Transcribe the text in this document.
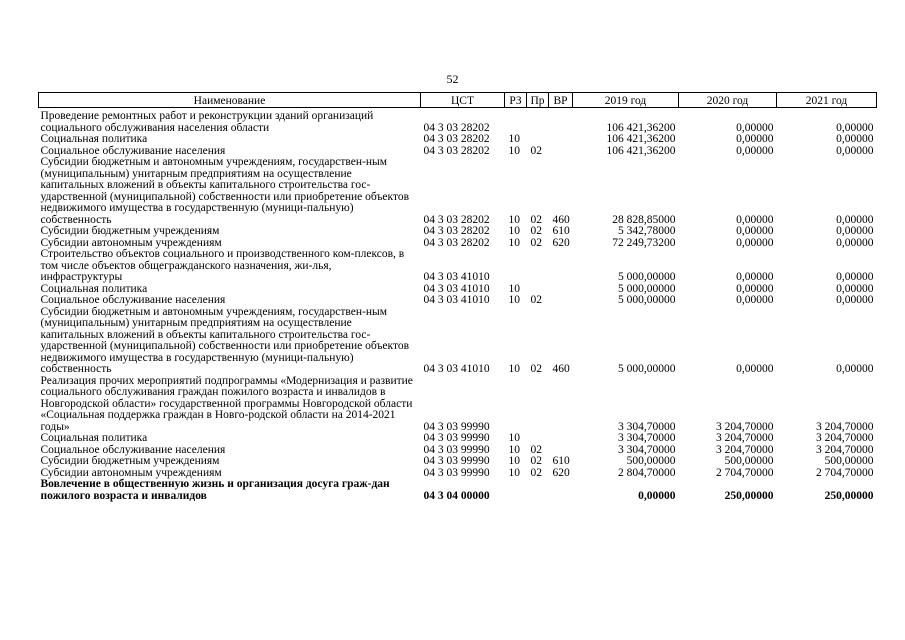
52
Наименование	ЦСТ	РЗ	Пр	ВР	2019 год	2020 год	2021 год
Проведение ремонтных работ и реконструкции зданий организаций социального обслуживания населения области	04 3 03 28202				106 421,36200	0,00000	0,00000
Социальная политика	04 3 03 28202	10			106 421,36200	0,00000	0,00000
Социальное обслуживание населения	04 3 03 28202	10	02		106 421,36200	0,00000	0,00000
Субсидии бюджетным и автономным учреждениям, государствен-ным (муниципальным) унитарным предприятиям на осуществление капитальных вложений в объекты капитального строительства гос-ударственной (муниципальной) собственности или приобретение объектов недвижимого имущества в государственную (муници-пальную) собственность	04 3 03 28202	10	02	460	28 828,85000	0,00000	0,00000
Субсидии бюджетным учреждениям	04 3 03 28202	10	02	610	5 342,78000	0,00000	0,00000
Субсидии автономным учреждениям	04 3 03 28202	10	02	620	72 249,73200	0,00000	0,00000
Строительство объектов социального и производственного ком-плексов, в том числе объектов общегражданского назначения, жи-лья, инфраструктуры	04 3 03 41010				5 000,00000	0,00000	0,00000
Социальная политика	04 3 03 41010	10			5 000,00000	0,00000	0,00000
Социальное обслуживание населения	04 3 03 41010	10	02		5 000,00000	0,00000	0,00000
Субсидии бюджетным и автономным учреждениям, государствен-ным (муниципальным) унитарным предприятиям на осуществление капитальных вложений в объекты капитального строительства гос-ударственной (муниципальной) собственности или приобретение объектов недвижимого имущества в государственную (муници-пальную) собственность	04 3 03 41010	10	02	460	5 000,00000	0,00000	0,00000
Реализация прочих мероприятий подпрограммы «Модернизация и развитие социального обслуживания граждан пожилого возраста и инвалидов в Новгородской области» государственной программы Новгородской области «Социальная поддержка граждан в Новго-родской области на 2014-2021 годы»	04 3 03 99990				3 304,70000	3 204,70000	3 204,70000
Социальная политика	04 3 03 99990	10			3 304,70000	3 204,70000	3 204,70000
Социальное обслуживание населения	04 3 03 99990	10	02		3 304,70000	3 204,70000	3 204,70000
Субсидии бюджетным учреждениям	04 3 03 99990	10	02	610	500,00000	500,00000	500,00000
Субсидии автономным учреждениям	04 3 03 99990	10	02	620	2 804,70000	2 704,70000	2 704,70000
Вовлечение в общественную жизнь и организация досуга граж-дан пожилого возраста и инвалидов	04 3 04 00000				0,00000	250,00000	250,00000
